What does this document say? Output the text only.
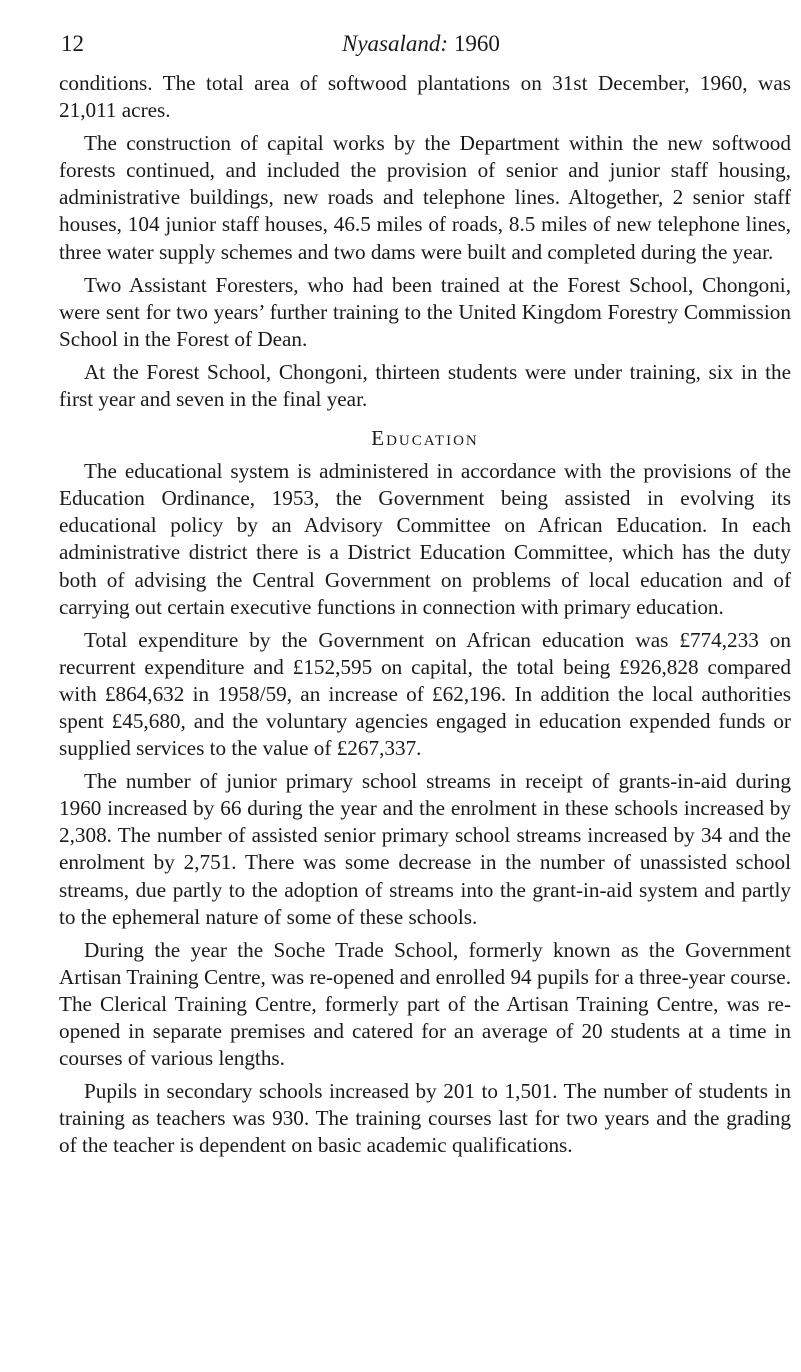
12	Nyasaland: 1960

conditions. The total area of softwood plantations on 31st December, 1960, was 21,011 acres.

The construction of capital works by the Department within the new softwood forests continued, and included the provision of senior and junior staff housing, administrative buildings, new roads and telephone lines. Altogether, 2 senior staff houses, 104 junior staff houses, 46.5 miles of roads, 8.5 miles of new telephone lines, three water supply schemes and two dams were built and completed during the year.

Two Assistant Foresters, who had been trained at the Forest School, Chongoni, were sent for two years’ further training to the United Kingdom Forestry Commission School in the Forest of Dean.

At the Forest School, Chongoni, thirteen students were under training, six in the first year and seven in the final year.

Education

The educational system is administered in accordance with the provisions of the Education Ordinance, 1953, the Government being assisted in evolving its educational policy by an Advisory Committee on African Education. In each administrative district there is a District Education Committee, which has the duty both of advising the Central Government on problems of local education and of carrying out certain executive functions in connection with primary education.

Total expenditure by the Government on African education was £774,233 on recurrent expenditure and £152,595 on capital, the total being £926,828 compared with £864,632 in 1958/59, an increase of £62,196. In addition the local authorities spent £45,680, and the voluntary agencies engaged in education expended funds or supplied services to the value of £267,337.

The number of junior primary school streams in receipt of grants-in-aid during 1960 increased by 66 during the year and the enrolment in these schools increased by 2,308. The number of assisted senior primary school streams increased by 34 and the enrolment by 2,751. There was some decrease in the number of unassisted school streams, due partly to the adoption of streams into the grant-in-aid system and partly to the ephemeral nature of some of these schools.

During the year the Soche Trade School, formerly known as the Government Artisan Training Centre, was re-opened and enrolled 94 pupils for a three-year course. The Clerical Training Centre, formerly part of the Artisan Training Centre, was re-opened in separate premises and catered for an average of 20 students at a time in courses of various lengths.

Pupils in secondary schools increased by 201 to 1,501. The number of students in training as teachers was 930. The training courses last for two years and the grading of the teacher is dependent on basic academic qualifications.
